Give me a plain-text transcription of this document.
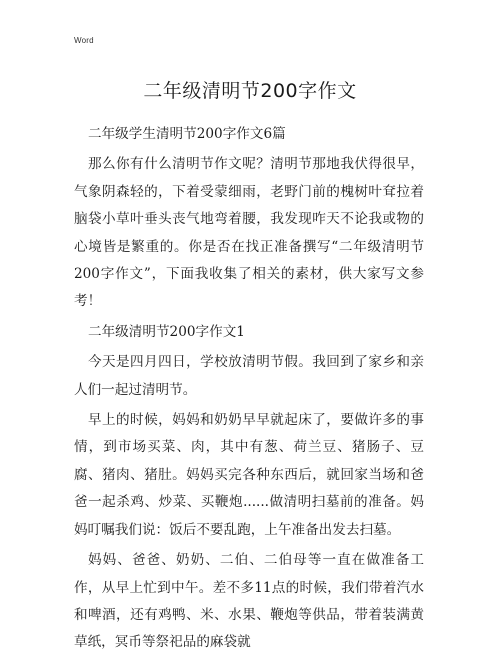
Word
二年级清明节200字作文

二年级学生清明节200字作文6篇

那么你有什么清明节作文呢？清明节那地我伏得很早，气象阴森轻的，下着受蒙细雨，老野门前的槐树叶耷拉着脑袋小草叶垂头丧气地弯着腰，我发现咋天不论我或物的心境皆是繁重的。你是否在找正准备撰写“二年级清明节200字作文”，下面我收集了相关的素材，供大家写文参考！

二年级清明节200字作文1

今天是四月四日，学校放清明节假。我回到了家乡和亲人们一起过清明节。

早上的时候，妈妈和奶奶早早就起床了，要做许多的事情，到市场买菜、肉，其中有葱、荷兰豆、猪肠子、豆腐、猪肉、猪肚。妈妈买完各种东西后，就回家当场和爸爸一起杀鸡、炒菜、买鞭炮......做清明扫墓前的准备。妈妈叮嘱我们说：饭后不要乱跑，上午准备出发去扫墓。

妈妈、爸爸、奶奶、二伯、二伯母等一直在做准备工作，从早上忙到中午。差不多11点的时候，我们带着汽水和啤酒，还有鸡鸭、米、水果、鞭炮等供品，带着装满黄草纸，冥币等祭祀品的麻袋就
